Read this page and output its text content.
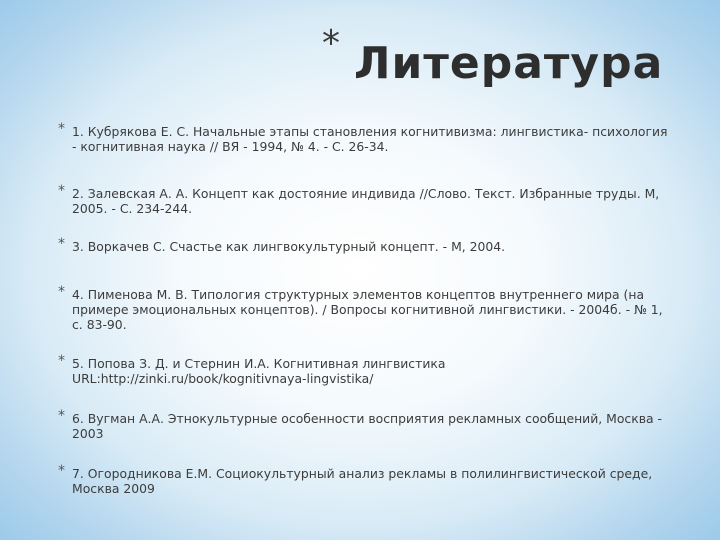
* Литература
* 1. Кубрякова Е. С. Начальные этапы становления когнитивизма: лингвистика- психология - когнитивная наука // ВЯ - 1994, № 4. - С. 26-34.
* 2. Залевская А. А. Концепт как достояние индивида //Слово. Текст. Избранные труды. М, 2005. - С. 234-244.
* 3. Воркачев С. Счастье как лингвокультурный концепт. - М, 2004.
* 4. Пименова М. В. Типология структурных элементов концептов внутреннего мира (на примере эмоциональных концептов). / Вопросы когнитивной лингвистики. - 2004б. - № 1, с. 83-90.
* 5. Попова З. Д. и Стернин И.А. Когнитивная лингвистика URL:http://zinki.ru/book/kognitivnaya-lingvistika/
* 6. Вугман А.А. Этнокультурные особенности восприятия рекламных сообщений, Москва - 2003
* 7. Огородникова Е.М. Социокультурный анализ рекламы в полилингвистической среде, Москва 2009
